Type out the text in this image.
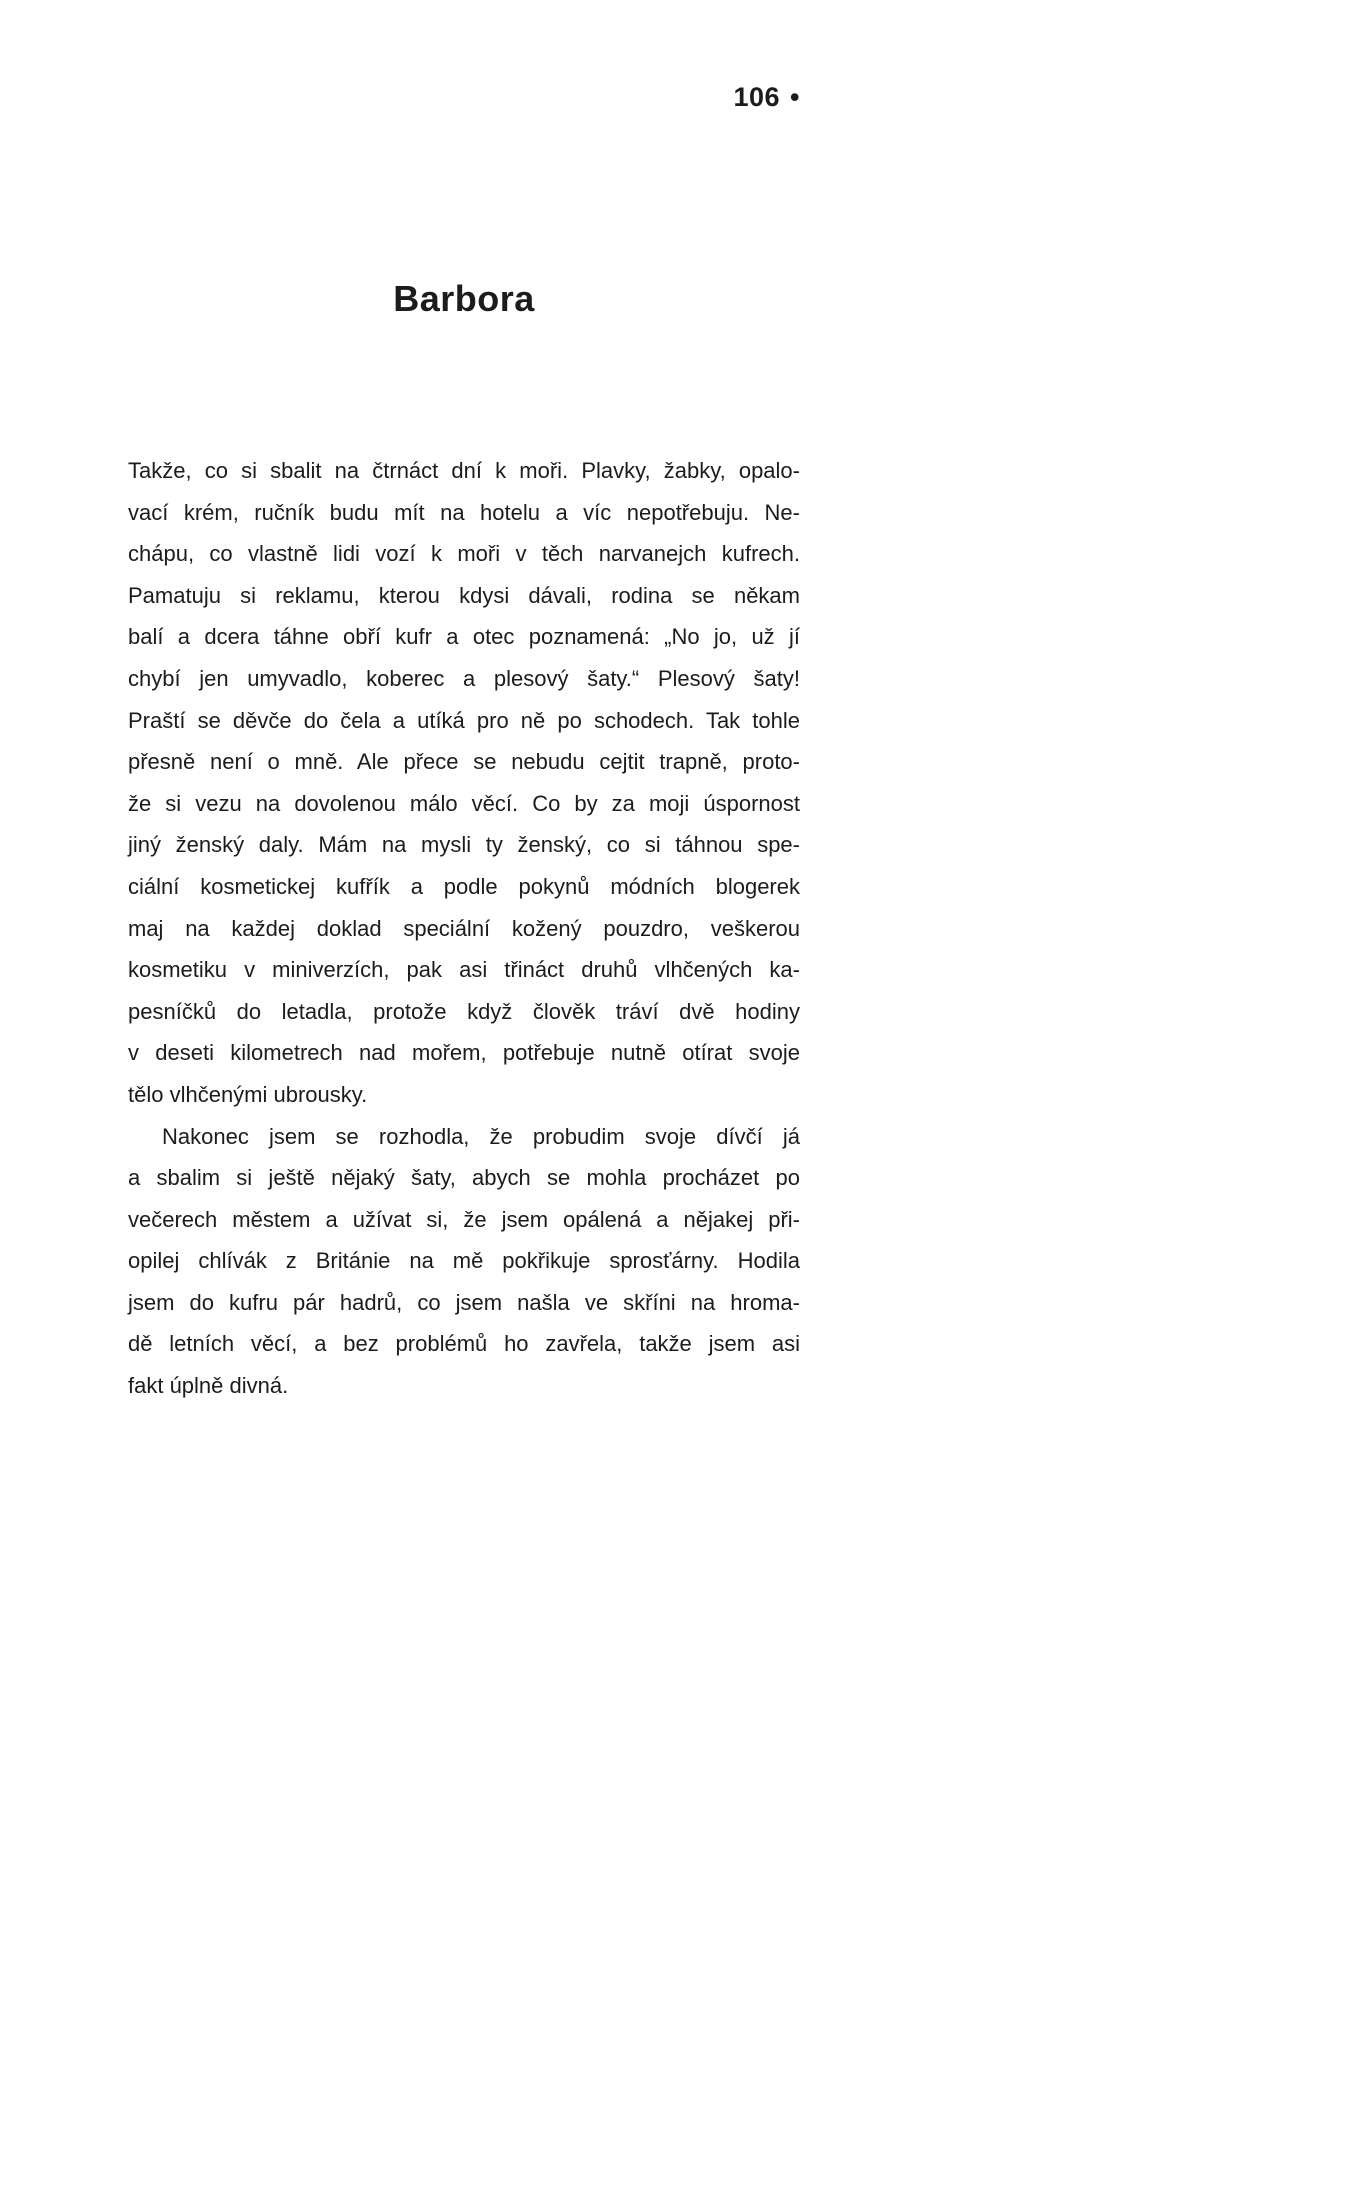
106 •
Barbora
Takže, co si sbalit na čtrnáct dní k moři. Plavky, žabky, opalo-
vací krém, ručník budu mít na hotelu a víc nepotřebuju. Ne-
chápu, co vlastně lidi vozí k moři v těch narvanejch kufrech.
Pamatuju si reklamu, kterou kdysi dávali, rodina se někam
balí a dcera táhne obří kufr a otec poznamená: „No jo, už jí
chybí jen umyvadlo, koberec a plesový šaty.“ Plesový šaty!
Praští se děvče do čela a utíká pro ně po schodech. Tak tohle
přesně není o mně. Ale přece se nebudu cejtit trapně, proto-
že si vezu na dovolenou málo věcí. Co by za moji úspornost
jiný ženský daly. Mám na mysli ty ženský, co si táhnou spe-
ciální kosmetickej kufřík a podle pokynů módních blogerek
maj na každej doklad speciální kožený pouzdro, veškerou
kosmetiku v miniverzích, pak asi třináct druhů vlhčených ka-
pesníčků do letadla, protože když člověk tráví dvě hodiny
v deseti kilometrech nad mořem, potřebuje nutně otírat svoje
tělo vlhčenými ubrousky.
Nakonec jsem se rozhodla, že probudim svoje dívčí já
a sbalim si ještě nějaký šaty, abych se mohla procházet po
večerech městem a užívat si, že jsem opálená a nějakej při-
opilej chlívák z Británie na mě pokřikuje sprosťárny. Hodila
jsem do kufru pár hadrů, co jsem našla ve skříni na hroma-
dě letních věcí, a bez problémů ho zavřela, takže jsem asi
fakt úplně divná.
